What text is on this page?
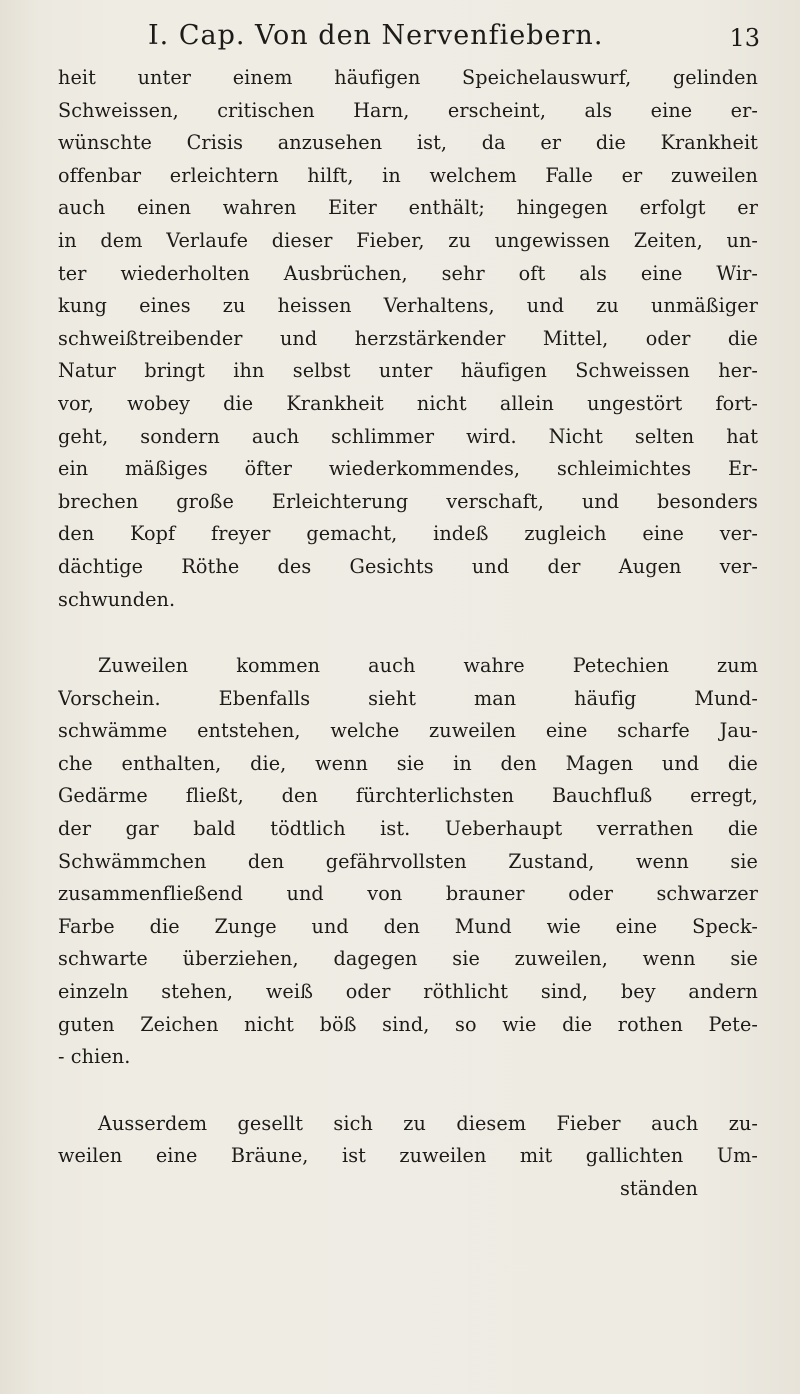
I. Cap. Von den Nervenfiebern.	13
heit unter einem häufigen Speichelauswurf, gelinden
Schweissen, critischen Harn, erscheint, als eine er-
wünschte Crisis anzusehen ist, da er die Krankheit
offenbar erleichtern hilft, in welchem Falle er zuweilen
auch einen wahren Eiter enthält; hingegen erfolgt er
in dem Verlaufe dieser Fieber, zu ungewissen Zeiten, un-
ter wiederholten Ausbrüchen, sehr oft als eine Wir-
kung eines zu heissen Verhaltens, und zu unmäßiger
schweißtreibender und herzstärkender Mittel, oder die
Natur bringt ihn selbst unter häufigen Schweissen her-
vor, wobey die Krankheit nicht allein ungestört fort-
geht, sondern auch schlimmer wird. Nicht selten hat
ein mäßiges öfter wiederkommendes, schleimichtes Er-
brechen große Erleichterung verschaft, und besonders
den Kopf freyer gemacht, indeß zugleich eine ver-
dächtige Röthe des Gesichts und der Augen ver-
schwunden.
Zuweilen kommen auch wahre Petechien zum
Vorschein. Ebenfalls sieht man häufig Mund-
schwämme entstehen, welche zuweilen eine scharfe Jau-
che enthalten, die, wenn sie in den Magen und die
Gedärme fließt, den fürchterlichsten Bauchfluß erregt,
der gar bald tödtlich ist. Ueberhaupt verrathen die
Schwämmchen den gefährvollsten Zustand, wenn sie
zusammenfließend und von brauner oder schwarzer
Farbe die Zunge und den Mund wie eine Speck-
schwarte überziehen, dagegen sie zuweilen, wenn sie
einzeln stehen, weiß oder röthlicht sind, bey andern
guten Zeichen nicht böß sind, so wie die rothen Pete-
- chien.
Ausserdem gesellt sich zu diesem Fieber auch zu-
weilen eine Bräune, ist zuweilen mit gallichten Um-
ständen
